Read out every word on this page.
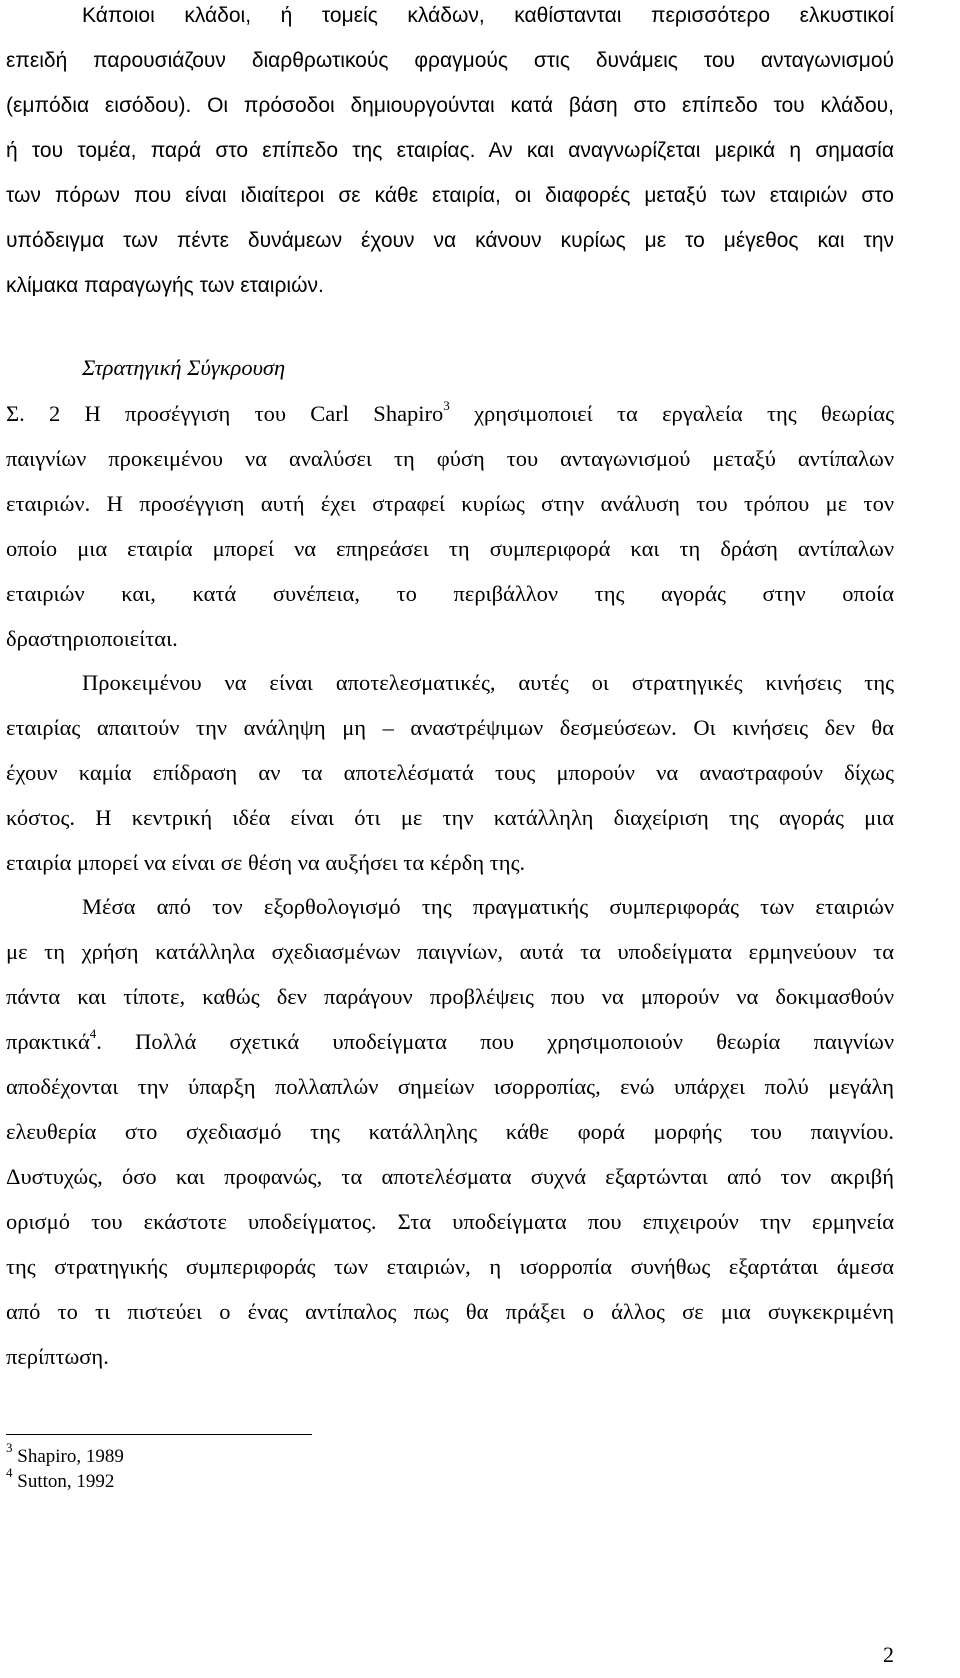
Κάποιοι κλάδοι, ή τομείς κλάδων, καθίστανται περισσότερο ελκυστικοί
επειδή παρουσιάζουν διαρθρωτικούς φραγμούς στις δυνάμεις του ανταγωνισμού
(εμπόδια εισόδου). Οι πρόσοδοι δημιουργούνται κατά βάση στο επίπεδο του κλάδου,
ή του τομέα, παρά στο επίπεδο της εταιρίας. Αν και αναγνωρίζεται μερικά η σημασία
των πόρων που είναι ιδιαίτεροι σε κάθε εταιρία, οι διαφορές μεταξύ των εταιριών στο
υπόδειγμα των πέντε δυνάμεων έχουν να κάνουν κυρίως με το μέγεθος και την
κλίμακα παραγωγής των εταιριών.
Στρατηγική Σύγκρουση
Σ. 2 Η προσέγγιση του Carl Shapiro$^3$ χρησιμοποιεί τα εργαλεία της θεωρίας
παιγνίων προκειμένου να αναλύσει τη φύση του ανταγωνισμού μεταξύ αντίπαλων
εταιριών. Η προσέγγιση αυτή έχει στραφεί κυρίως στην ανάλυση του τρόπου με τον
οποίο μια εταιρία μπορεί να επηρεάσει τη συμπεριφορά και τη δράση αντίπαλων
εταιριών και, κατά συνέπεια, το περιβάλλον της αγοράς στην οποία
δραστηριοποιείται.
Προκειμένου να είναι αποτελεσματικές, αυτές οι στρατηγικές κινήσεις της
εταιρίας απαιτούν την ανάληψη μη – αναστρέψιμων δεσμεύσεων. Οι κινήσεις δεν θα
έχουν καμία επίδραση αν τα αποτελέσματά τους μπορούν να αναστραφούν δίχως
κόστος. Η κεντρική ιδέα είναι ότι με την κατάλληλη διαχείριση της αγοράς μια
εταιρία μπορεί να είναι σε θέση να αυξήσει τα κέρδη της.
Μέσα από τον εξορθολογισμό της πραγματικής συμπεριφοράς των εταιριών
με τη χρήση κατάλληλα σχεδιασμένων παιγνίων, αυτά τα υποδείγματα ερμηνεύουν τα
πάντα και τίποτε, καθώς δεν παράγουν προβλέψεις που να μπορούν να δοκιμασθούν
πρακτικά$^4$. Πολλά σχετικά υποδείγματα που χρησιμοποιούν θεωρία παιγνίων
αποδέχονται την ύπαρξη πολλαπλών σημείων ισορροπίας, ενώ υπάρχει πολύ μεγάλη
ελευθερία στο σχεδιασμό της κατάλληλης κάθε φορά μορφής του παιγνίου.
Δυστυχώς, όσο και προφανώς, τα αποτελέσματα συχνά εξαρτώνται από τον ακριβή
ορισμό του εκάστοτε υποδείγματος. Στα υποδείγματα που επιχειρούν την ερμηνεία
της στρατηγικής συμπεριφοράς των εταιριών, η ισορροπία συνήθως εξαρτάται άμεσα
από το τι πιστεύει ο ένας αντίπαλος πως θα πράξει ο άλλος σε μια συγκεκριμένη
περίπτωση.
$^3$ Shapiro, 1989
$^4$ Sutton, 1992
2
